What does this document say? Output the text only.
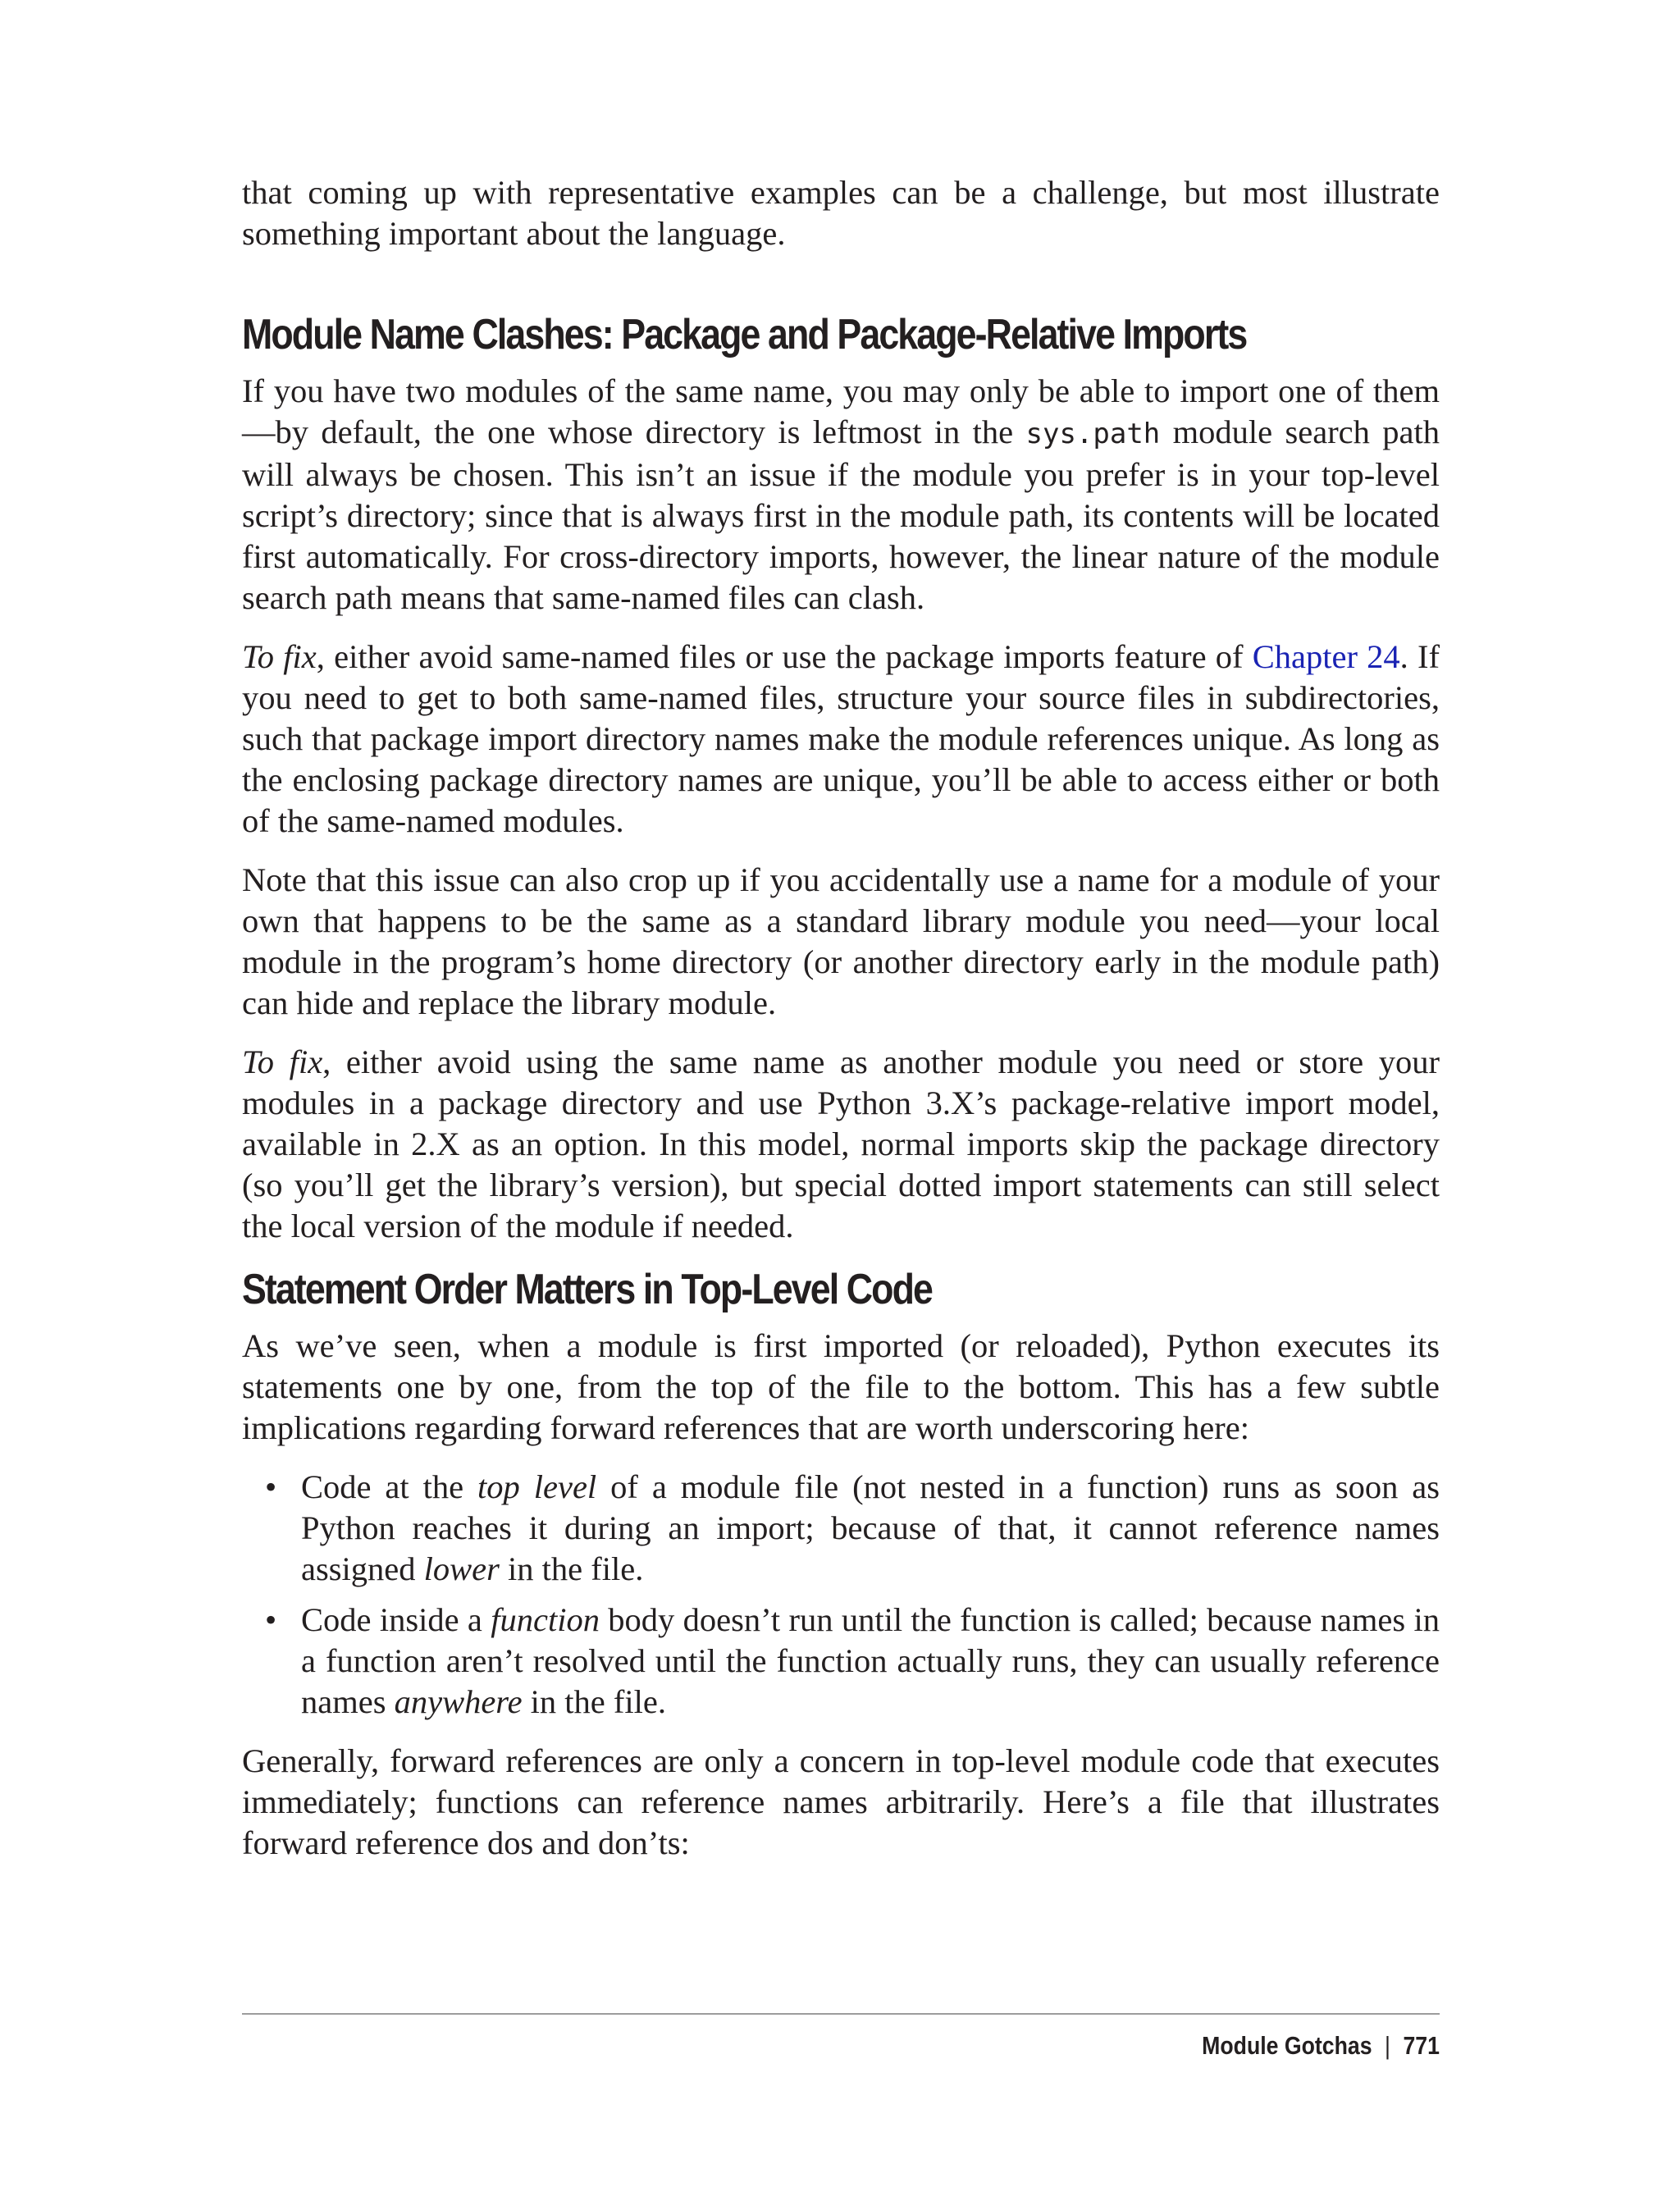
that coming up with representative examples can be a challenge, but most illustrate something important about the language.

Module Name Clashes: Package and Package-Relative Imports

If you have two modules of the same name, you may only be able to import one of them —by default, the one whose directory is leftmost in the sys.path module search path will always be chosen. This isn’t an issue if the module you prefer is in your top-level script’s directory; since that is always first in the module path, its contents will be located first automatically. For cross-directory imports, however, the linear nature of the module search path means that same-named files can clash.

To fix, either avoid same-named files or use the package imports feature of Chapter 24. If you need to get to both same-named files, structure your source files in subdirectories, such that package import directory names make the module references unique. As long as the enclosing package directory names are unique, you’ll be able to access either or both of the same-named modules.

Note that this issue can also crop up if you accidentally use a name for a module of your own that happens to be the same as a standard library module you need—your local module in the program’s home directory (or another directory early in the module path) can hide and replace the library module.

To fix, either avoid using the same name as another module you need or store your modules in a package directory and use Python 3.X’s package-relative import model, available in 2.X as an option. In this model, normal imports skip the package directory (so you’ll get the library’s version), but special dotted import statements can still select the local version of the module if needed.

Statement Order Matters in Top-Level Code

As we’ve seen, when a module is first imported (or reloaded), Python executes its statements one by one, from the top of the file to the bottom. This has a few subtle implications regarding forward references that are worth underscoring here:

• Code at the top level of a module file (not nested in a function) runs as soon as Python reaches it during an import; because of that, it cannot reference names assigned lower in the file.
• Code inside a function body doesn’t run until the function is called; because names in a function aren’t resolved until the function actually runs, they can usually reference names anywhere in the file.

Generally, forward references are only a concern in top-level module code that executes immediately; functions can reference names arbitrarily. Here’s a file that illustrates forward reference dos and don’ts:

Module Gotchas | 771
